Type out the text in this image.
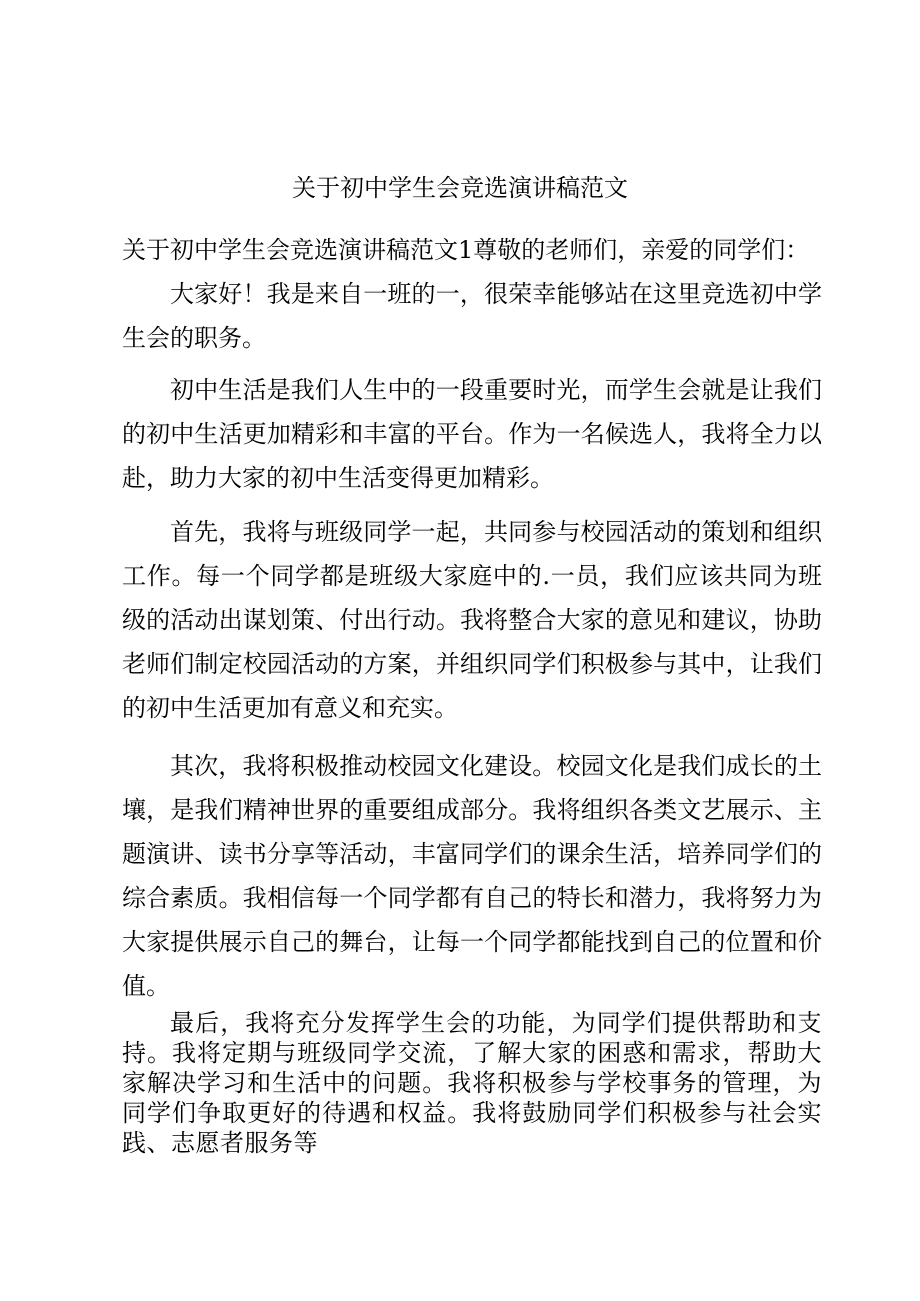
关于初中学生会竞选演讲稿范文

关于初中学生会竞选演讲稿范文1尊敬的老师们，亲爱的同学们：

大家好！我是来自一班的一，很荣幸能够站在这里竞选初中学生会的职务。

初中生活是我们人生中的一段重要时光，而学生会就是让我们的初中生活更加精彩和丰富的平台。作为一名候选人，我将全力以赴，助力大家的初中生活变得更加精彩。

首先，我将与班级同学一起，共同参与校园活动的策划和组织工作。每一个同学都是班级大家庭中的.一员，我们应该共同为班级的活动出谋划策、付出行动。我将整合大家的意见和建议，协助老师们制定校园活动的方案，并组织同学们积极参与其中，让我们的初中生活更加有意义和充实。

其次，我将积极推动校园文化建设。校园文化是我们成长的土壤，是我们精神世界的重要组成部分。我将组织各类文艺展示、主题演讲、读书分享等活动，丰富同学们的课余生活，培养同学们的综合素质。我相信每一个同学都有自己的特长和潜力，我将努力为大家提供展示自己的舞台，让每一个同学都能找到自己的位置和价值。

最后，我将充分发挥学生会的功能，为同学们提供帮助和支持。我将定期与班级同学交流，了解大家的困惑和需求，帮助大家解决学习和生活中的问题。我将积极参与学校事务的管理，为同学们争取更好的待遇和权益。我将鼓励同学们积极参与社会实践、志愿者服务等
